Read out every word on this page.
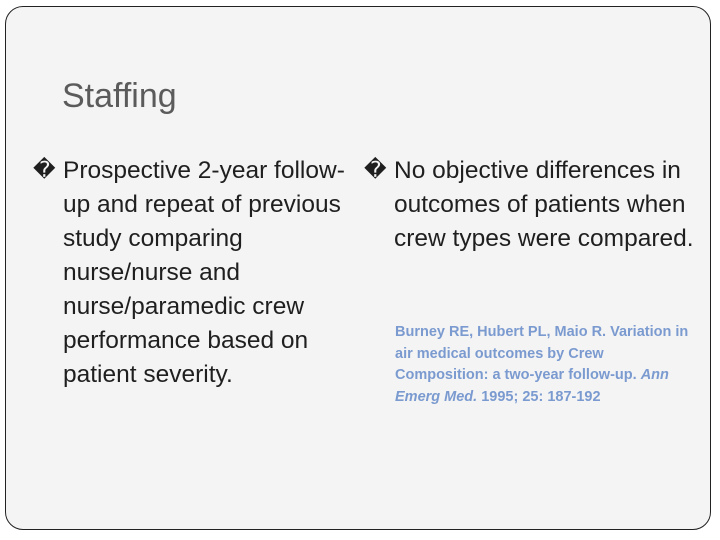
Staffing
� Prospective 2-year follow-up and repeat of previous study comparing nurse/nurse and nurse/paramedic crew performance based on patient severity.
� No objective differences in outcomes of patients when crew types were compared.
Burney RE, Hubert PL, Maio R. Variation in air medical outcomes by Crew Composition: a two-year follow-up. Ann Emerg Med. 1995; 25: 187-192
